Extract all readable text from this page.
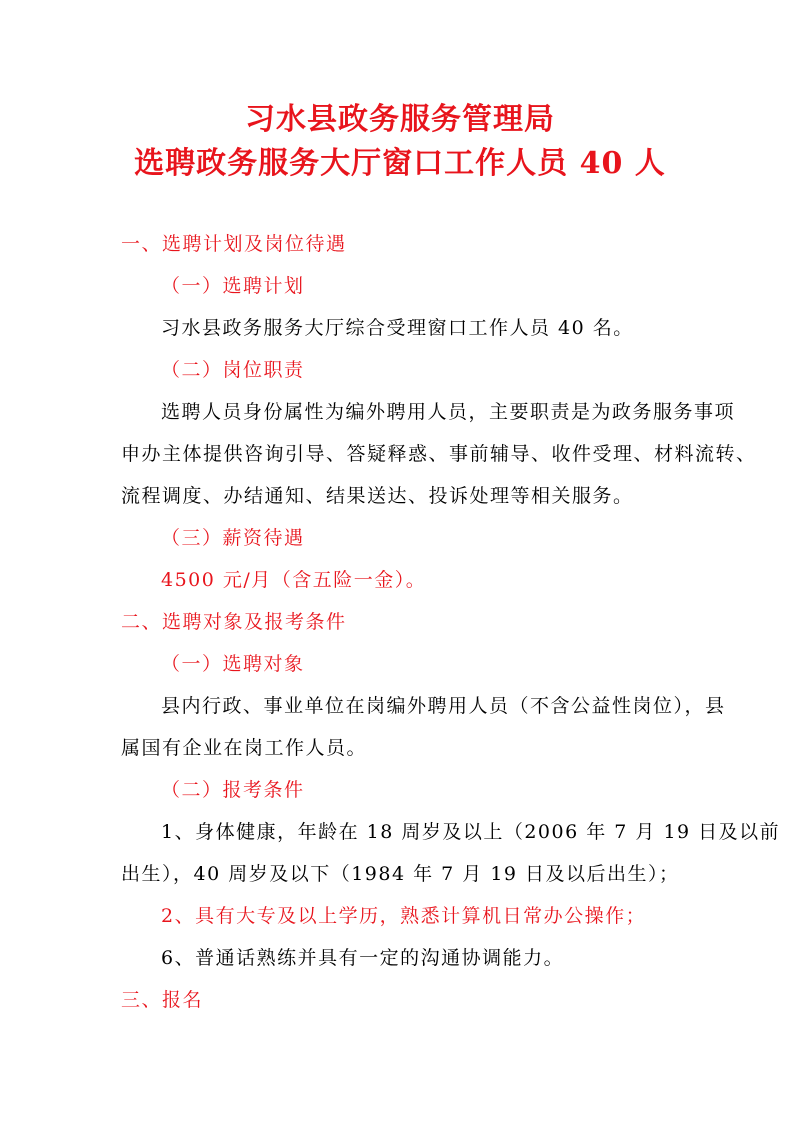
习水县政务服务管理局
选聘政务服务大厅窗口工作人员 40 人
一、选聘计划及岗位待遇
（一）选聘计划
习水县政务服务大厅综合受理窗口工作人员 40 名。
（二）岗位职责
选聘人员身份属性为编外聘用人员，主要职责是为政务服务事项
申办主体提供咨询引导、答疑释惑、事前辅导、收件受理、材料流转、
流程调度、办结通知、结果送达、投诉处理等相关服务。
（三）薪资待遇
4500 元/月（含五险一金）。
二、选聘对象及报考条件
（一）选聘对象
县内行政、事业单位在岗编外聘用人员（不含公益性岗位），县
属国有企业在岗工作人员。
（二）报考条件
1、身体健康，年龄在 18 周岁及以上（2006 年 7 月 19 日及以前
出生），40 周岁及以下（1984 年 7 月 19 日及以后出生）；
2、具有大专及以上学历，熟悉计算机日常办公操作；
6、普通话熟练并具有一定的沟通协调能力。
三、报名
